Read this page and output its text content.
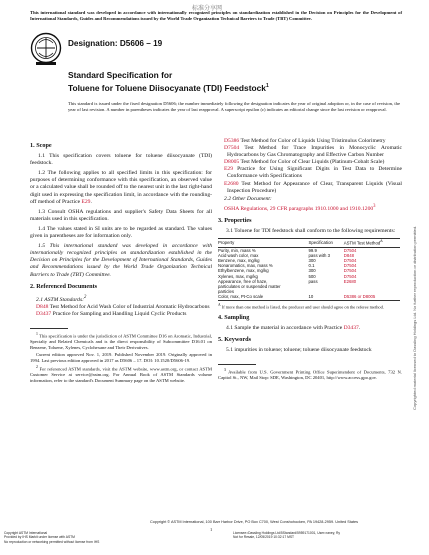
标准分享网
This international standard was developed in accordance with internationally recognized principles on standardization established in the Decision on Principles for the Development of International Standards, Guides and Recommendations issued by the World Trade Organization Technical Barriers to Trade (TBT) Committee.
Designation: D5606 – 19
Standard Specification for
Toluene for Toluene Diisocyanate (TDI) Feedstock$^1$
This standard is issued under the fixed designation D5606; the number immediately following the designation indicates the year of original adoption or, in the case of revision, the year of last revision. A number in parentheses indicates the year of last reapproval. A superscript epsilon (ε) indicates an editorial change since the last revision or reapproval.
1. Scope

1.1 This specification covers toluene for toluene diisocyanate (TDI) feedstock.

1.2 The following applies to all specified limits in this specification: for purposes of determining conformance with this specification, an observed value or a calculated value shall be rounded off to the nearest unit in the last right-hand digit used in expressing the specification limit, in accordance with the rounding-off method of Practice E29.

1.3 Consult OSHA regulations and supplier's Safety Data Sheets for all materials used in this specification.

1.4 The values stated in SI units are to be regarded as standard. The values given in parentheses are for information only.

1.5 This international standard was developed in accordance with internationally recognized principles on standardization established in the Decision on Principles for the Development of International Standards, Guides and Recommendations issued by the World Trade Organization Technical Barriers to Trade (TBT) Committee.

2. Referenced Documents
2.1 ASTM Standards:$^2$
D848 Test Method for Acid Wash Color of Industrial Aromatic Hydrocarbons
D3437 Practice for Sampling and Handling Liquid Cyclic Products

$^1$ This specification is under the jurisdiction of ASTM Committee D16 on Aromatic, Industrial, Specialty and Related Chemicals and is the direct responsibility of Subcommittee D16.01 on Benzene, Toluene, Xylenes, Cyclohexane and Their Derivatives.

Current edition approved Nov. 1, 2019. Published November 2019. Originally approved in 1994. Last previous edition approved in 2017 as D5606 – 17. DOI: 10.1520/D5606-19.

$^2$ For referenced ASTM standards, visit the ASTM website, www.astm.org, or contact ASTM Customer Service at service@astm.org. For Annual Book of ASTM Standards volume information, refer to the standard's Document Summary page on the ASTM website.

D5386 Test Method for Color of Liquids Using Tristimulus Colorimetry
D7504 Test Method for Trace Impurities in Monocyclic Aromatic Hydrocarbons by Gas Chromatography and Effective Carbon Number
D8005 Test Method for Color of Clear Liquids (Platinum-Cobalt Scale)
E29 Practice for Using Significant Digits in Test Data to Determine Conformance with Specifications
E2680 Test Method for Appearance of Clear, Transparent Liquids (Visual Inspection Procedure)
2.2 Other Document:
OSHA Regulations, 29 CFR paragraphs 1910.1000 and 1910.1200$^3$
3. Properties

3.1 Toluene for TDI feedstock shall conform to the following requirements:

Property	Specification	ASTM Test Method$^A$
Purity, min, mass %	99.9	D7504
Acid wash color, max	pass with 3	D848
Benzene, max, mg/kg	300	D7504
Nonaromatics, max, mass %	0.1	D7504
Ethylbenzene, max, mg/kg	300	D7504
Xylenes, max, mg/kg	500	D7504
Appearance, free of haze,	pass	E2680
particulates or suspended matter		
particles		
Color, max, Pt-Co scale	10	D5386 or D8005

$^A$ If more than one method is listed, the producer and user should agree on the referee method.

4. Sampling

4.1 Sample the material in accordance with Practice D3437.

5. Keywords

5.1 impurities in toluene; toluene; toluene diisocyanate feedstock

$^3$ Available from U.S. Government Printing Office Superintendent of Documents, 732 N. Capitol St., NW, Mail Stop: SDE, Washington, DC 20401, http://www.access.gpo.gov.	Copyrighted material licensed to Dassling Holdings Ltd. No further reproduction or distribution permitted.
Copyright © ASTM International, 100 Barr Harbor Drive, PO Box C700, West Conshohocken, PA 19428-2959. United States
1
Copyright ASTM International
Provided by IHS Markit under license with ASTM
No reproduction or networking permitted without license from IHS
Licensee=Dassling Holdings Ltd/5Standard/5959171001, User=raney, Ry
Not for Resale, 12/05/2019 10:32:17 MST
